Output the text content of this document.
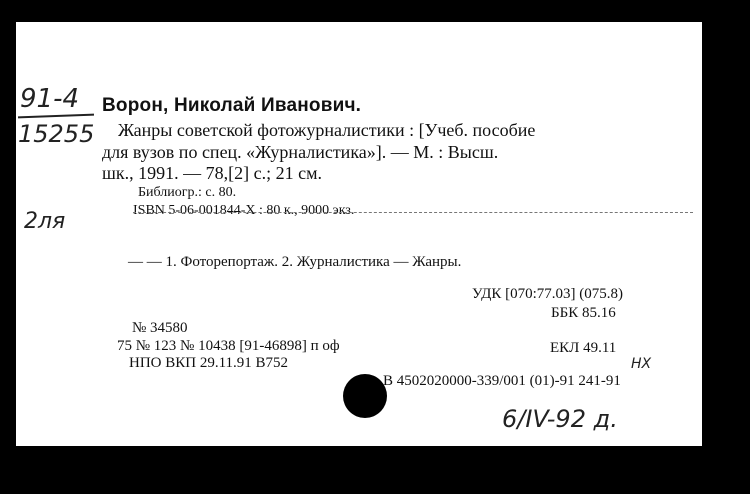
91-4
15255
2ля
Ворон, Николай Иванович.
Жанры советской фотожурналистики : [Учеб. пособие
для вузов по спец. «Журналистика»]. — М. : Высш.
шк., 1991. — 78,[2] с.; 21 см.
Библиогр.: с. 80.
ISBN 5-06-001844-X : 80 к., 9000 экз.
— — 1. Фоторепортаж. 2. Журналистика — Жанры.
УДК [070:77.03] (075.8)
ББК 85.16
№ 34580
75 № 123 № 10438 [91-46898] п оф	ЕКЛ 49.11
НПО ВКП 29.11.91 В752
В 4502020000-339/001 (01)-91 241-91
НХ
6/IV-92 д.
